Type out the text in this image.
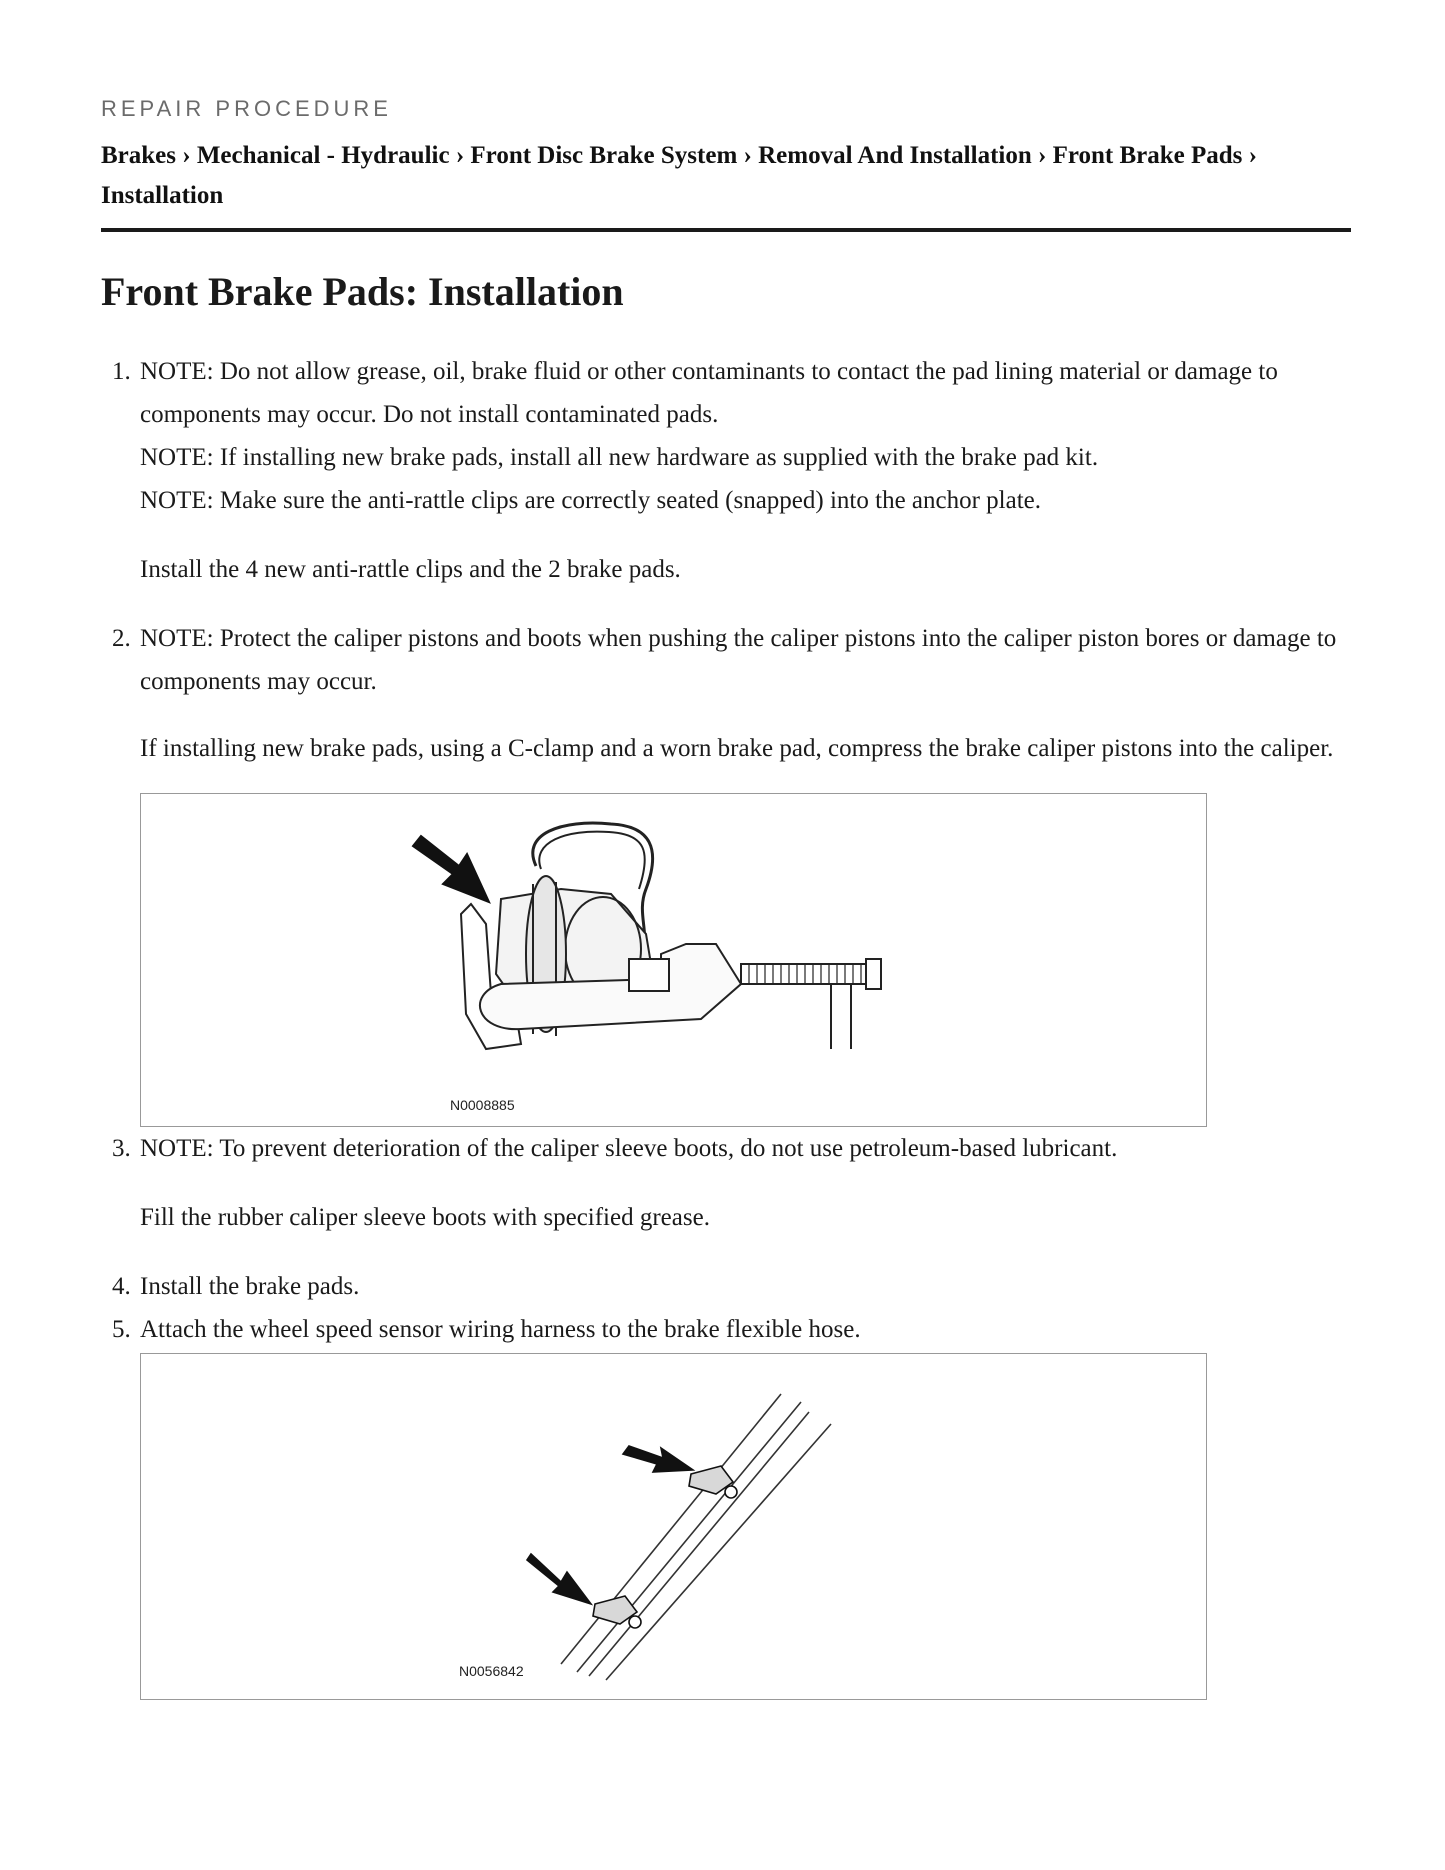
REPAIR PROCEDURE
Brakes › Mechanical - Hydraulic › Front Disc Brake System › Removal And Installation › Front Brake Pads ›
Installation
Front Brake Pads: Installation
1. NOTE: Do not allow grease, oil, brake fluid or other contaminants to contact the pad lining material or damage to components may occur. Do not install contaminated pads.

NOTE: If installing new brake pads, install all new hardware as supplied with the brake pad kit.

NOTE: Make sure the anti-rattle clips are correctly seated (snapped) into the anchor plate.

Install the 4 new anti-rattle clips and the 2 brake pads.

2. NOTE: Protect the caliper pistons and boots when pushing the caliper pistons into the caliper piston bores or damage to components may occur.

If installing new brake pads, using a C-clamp and a worn brake pad, compress the brake caliper pistons into the caliper.

N0008885
3. NOTE: To prevent deterioration of the caliper sleeve boots, do not use petroleum-based lubricant.

Fill the rubber caliper sleeve boots with specified grease.

4. Install the brake pads.

5. Attach the wheel speed sensor wiring harness to the brake flexible hose.

N0056842
